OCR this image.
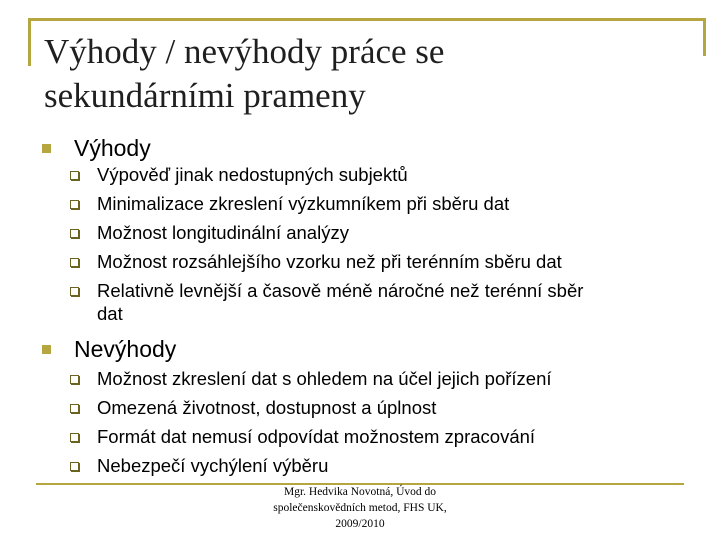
Výhody / nevýhody práce se
sekundárními prameny
Výhody
Výpověď jinak nedostupných subjektů
Minimalizace zkreslení výzkumníkem při sběru dat
Možnost longitudinální analýzy
Možnost rozsáhlejšího vzorku než při terénním sběru dat
Relativně levnější a časově méně náročné než terénní sběr
dat
Nevýhody
Možnost zkreslení dat s ohledem na účel jejich pořízení
Omezená životnost, dostupnost a úplnost
Formát dat nemusí odpovídat možnostem zpracování
Nebezpečí vychýlení výběru
Mgr. Hedvika Novotná, Úvod do
společenskovědních metod, FHS UK,
2009/2010
